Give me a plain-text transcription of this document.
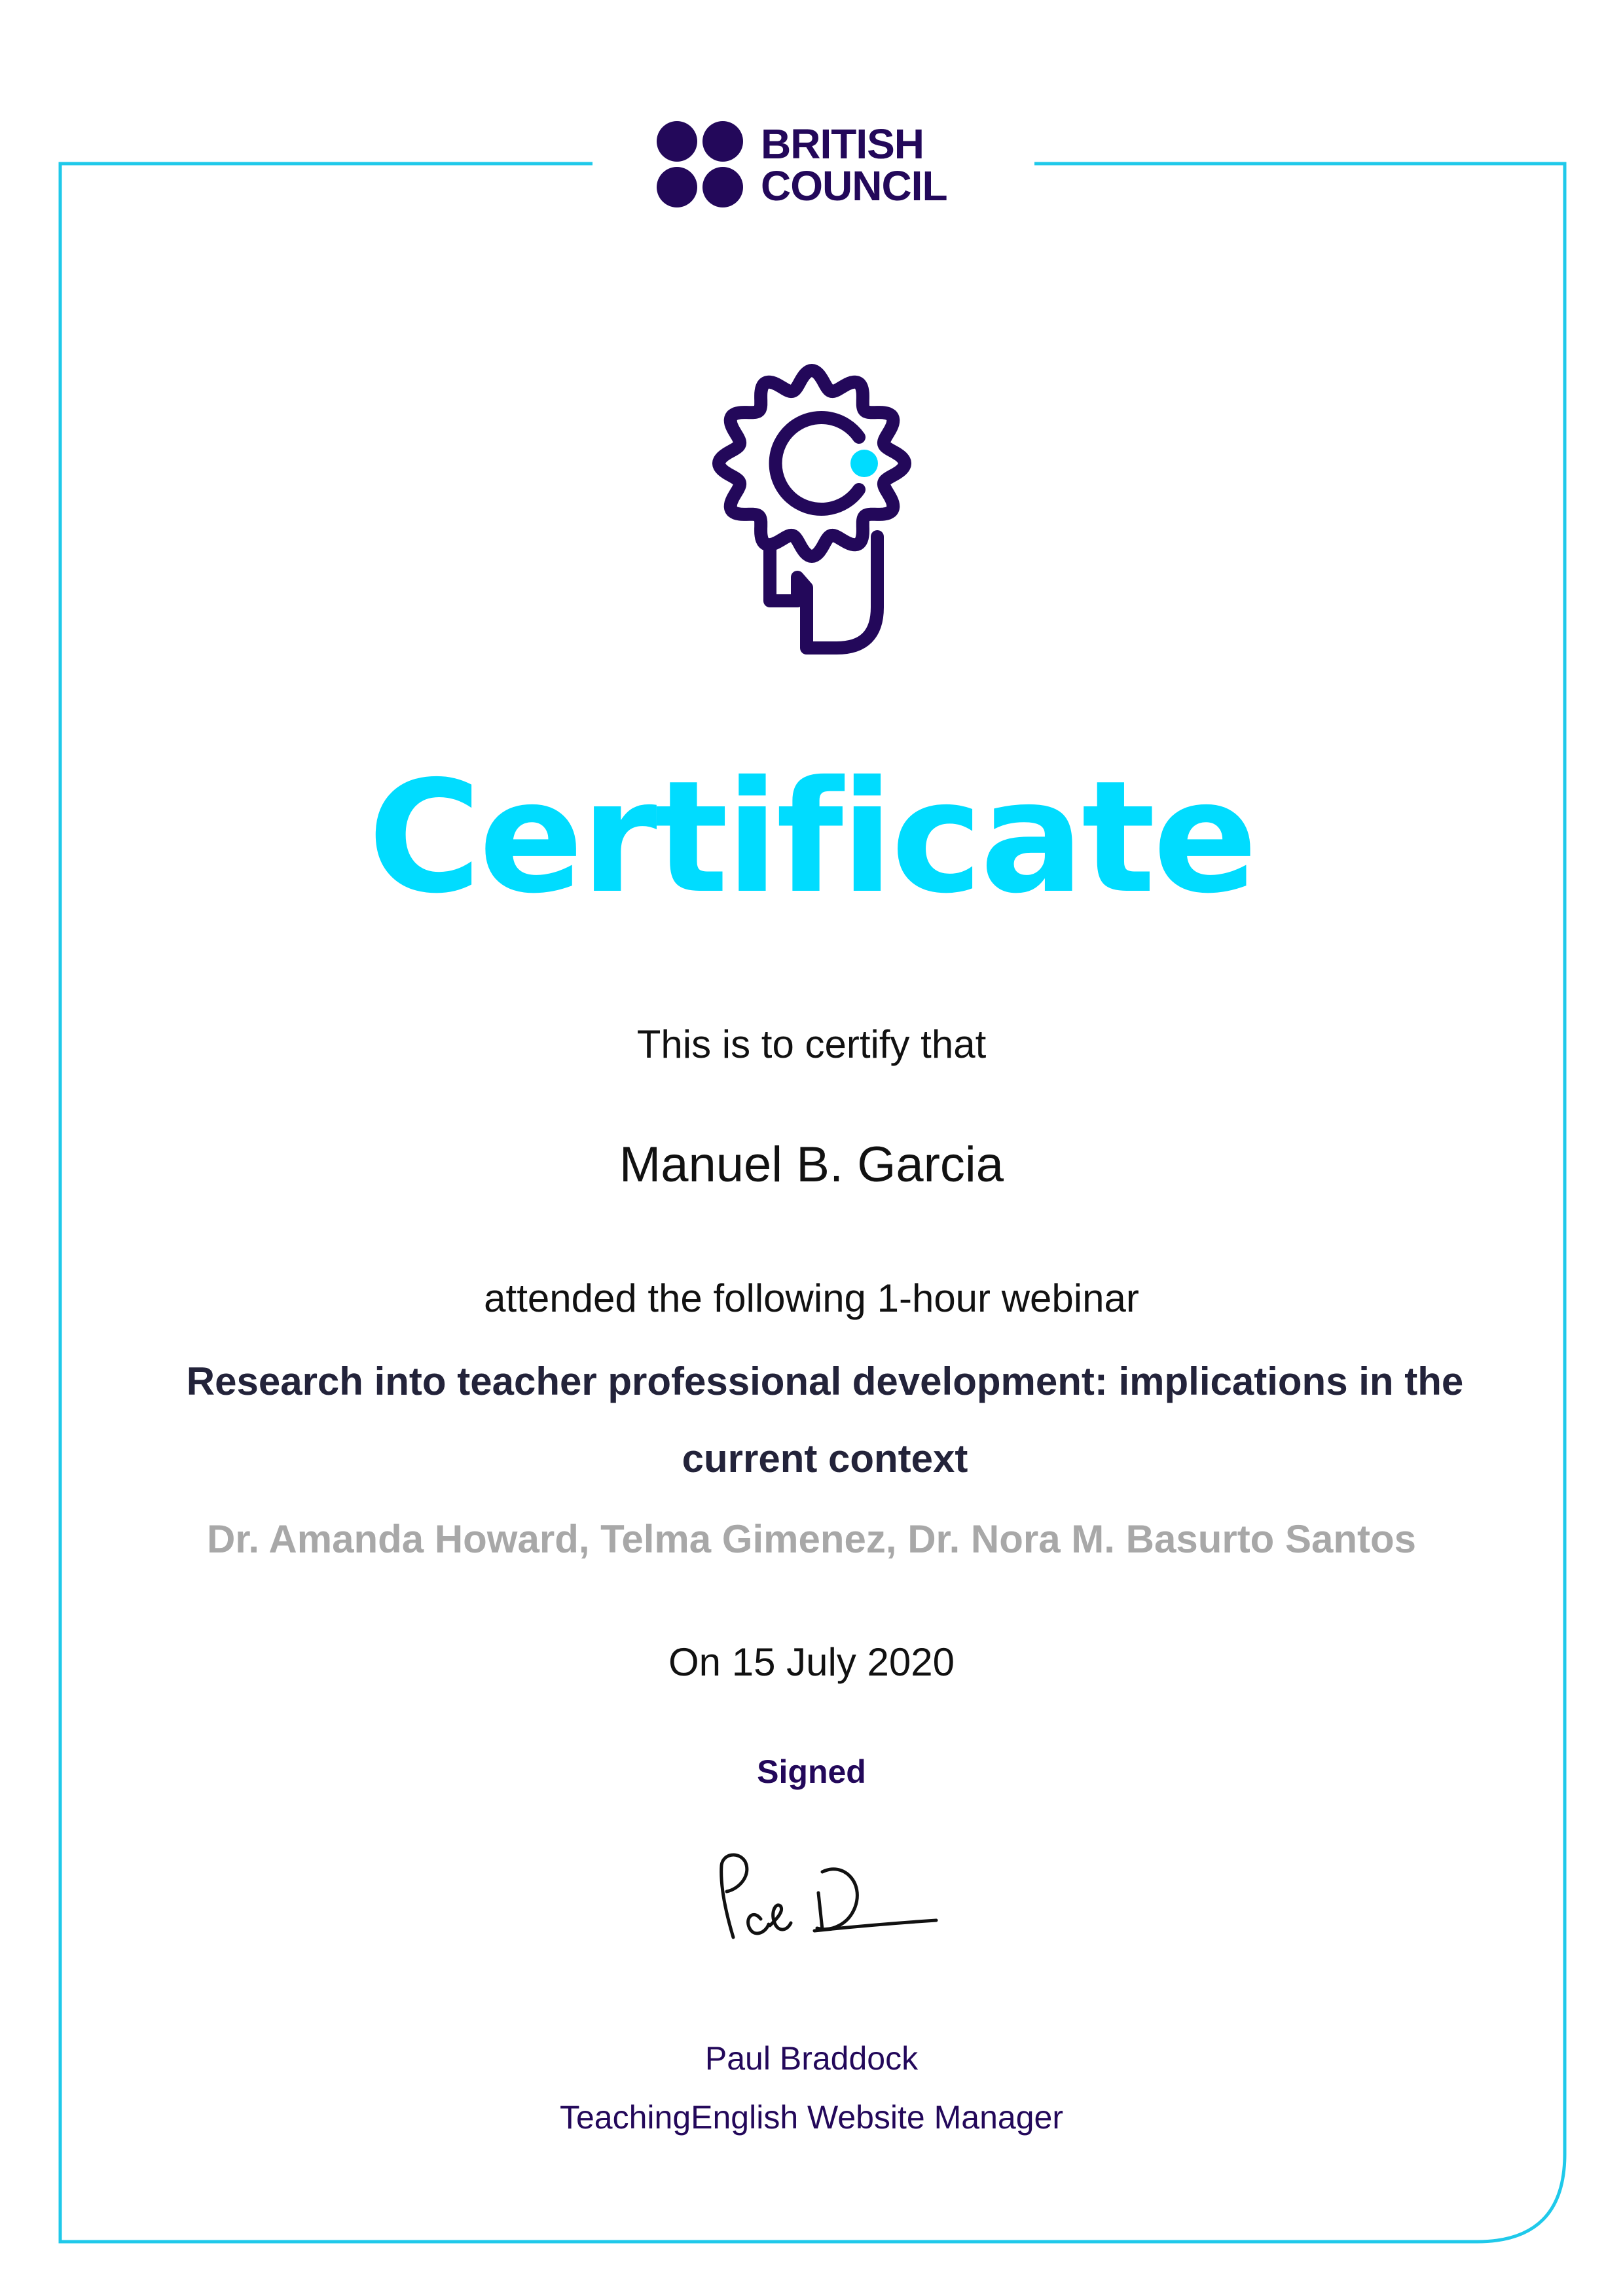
BRITISH
COUNCIL
Certificate
This is to certify that
Manuel B. Garcia
attended the following 1-hour webinar
Research into teacher professional development: implications in the current context
Dr. Amanda Howard, Telma Gimenez, Dr. Nora M. Basurto Santos
On 15 July 2020
Signed
Paul Braddock
TeachingEnglish Website Manager
